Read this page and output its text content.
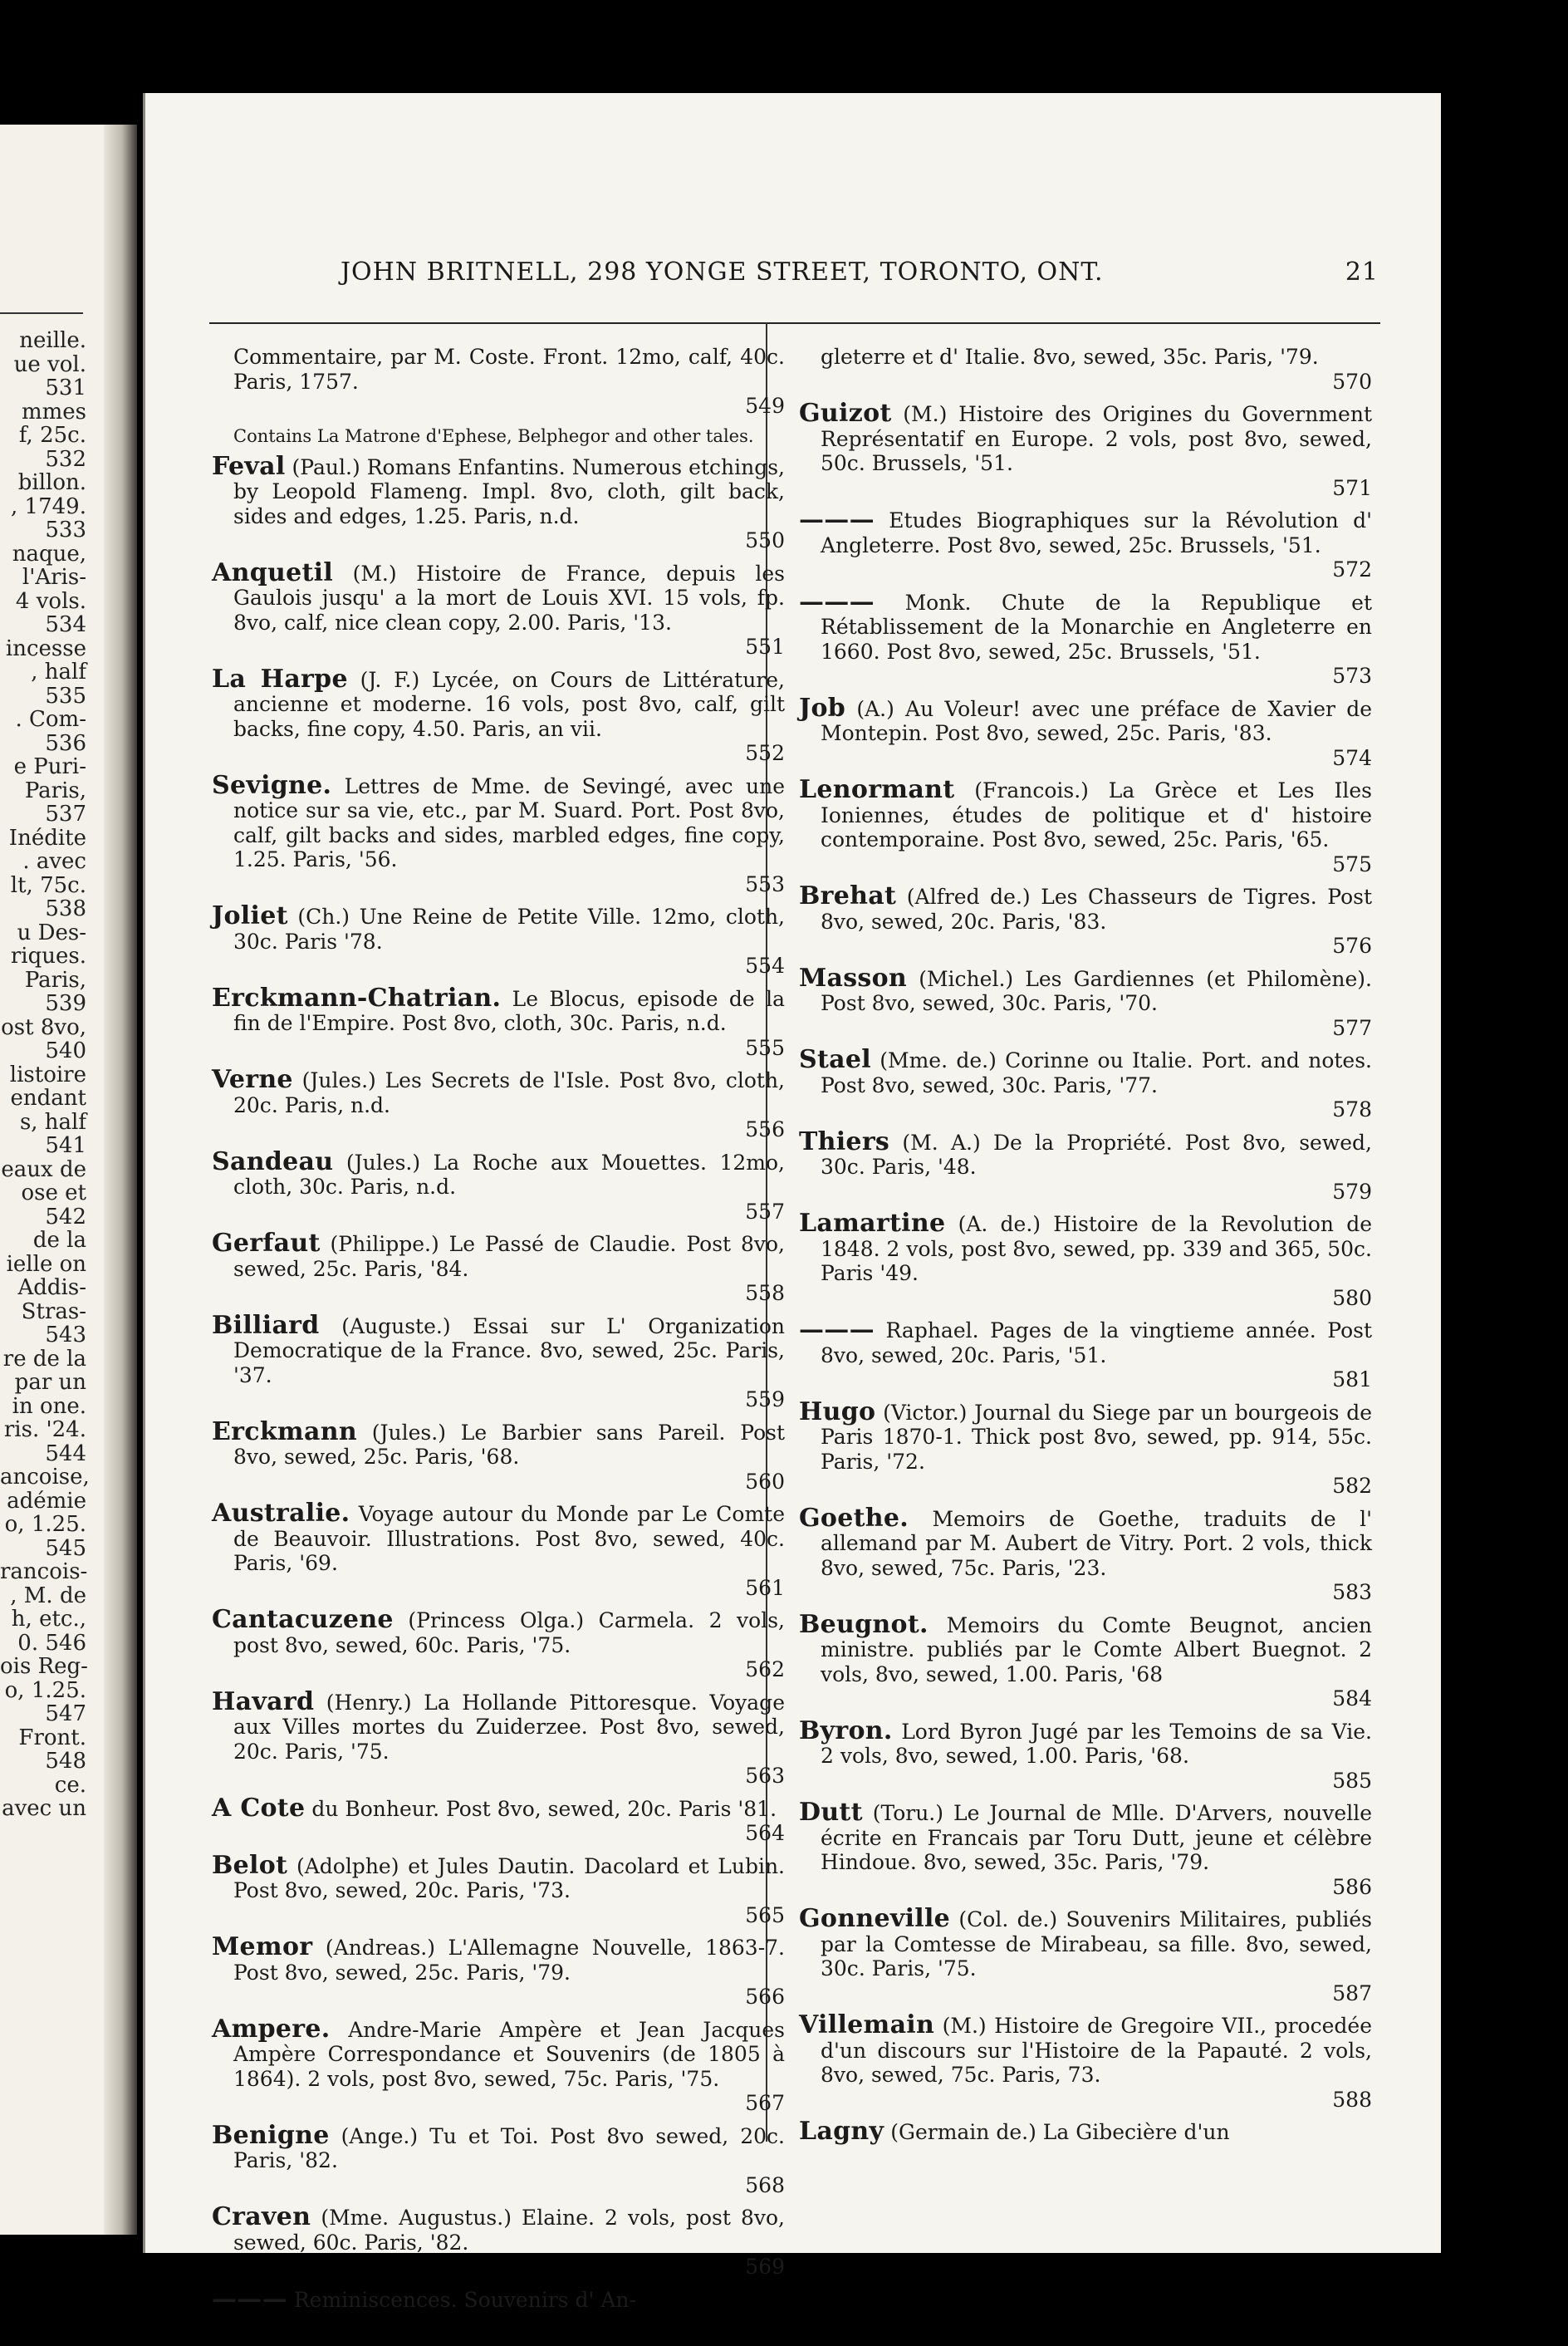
neille.
ue vol.
531
mmes
f, 25c.
532
billon.
, 1749.
533
naque,
l'Aris-
4 vols.
534
incesse
, half
535
. Com-
536
e Puri-
Paris,
537
Inédite
. avec
lt, 75c.
538
u Des-
riques.
Paris,
539
ost 8vo,
540
listoire
endant
s, half
541
eaux de
ose et
542
de la
ielle on
Addis-
Stras-
543
re de la
par un
in one.
ris. '24.
544
ancoise,
adémie
o, 1.25.
545
rancois-
, M. de
h, etc.,
0. 546
ois Reg-
o, 1.25.
547
Front.
548
ce.
avec un
JOHN BRITNELL, 298 YONGE STREET, TORONTO, ONT.	21
Commentaire, par M. Coste. Front. 12mo, calf, 40c. Paris, 1757.
549
Contains La Matrone d'Ephese, Belphegor and other tales.
Feval (Paul.) Romans Enfantins. Numerous etchings, by Leopold Flameng. Impl. 8vo, cloth, gilt back, sides and edges, 1.25. Paris, n.d.
550
Anquetil (M.) Histoire de France, depuis les Gaulois jusqu' a la mort de Louis XVI. 15 vols, fp. 8vo, calf, nice clean copy, 2.00. Paris, '13.
551
La Harpe (J. F.) Lycée, on Cours de Littérature, ancienne et moderne. 16 vols, post 8vo, calf, gilt backs, fine copy, 4.50. Paris, an vii.
552
Sevigne. Lettres de Mme. de Sevingé, avec une notice sur sa vie, etc., par M. Suard. Port. Post 8vo, calf, gilt backs and sides, marbled edges, fine copy, 1.25. Paris, '56.
553
Joliet (Ch.) Une Reine de Petite Ville. 12mo, cloth, 30c. Paris '78.
554
Erckmann-Chatrian. Le Blocus, episode de la fin de l'Empire. Post 8vo, cloth, 30c. Paris, n.d.
555
Verne (Jules.) Les Secrets de l'Isle. Post 8vo, cloth, 20c. Paris, n.d.
556
Sandeau (Jules.) La Roche aux Mouettes. 12mo, cloth, 30c. Paris, n.d.
557
Gerfaut (Philippe.) Le Passé de Claudie. Post 8vo, sewed, 25c. Paris, '84.
558
Billiard (Auguste.) Essai sur L' Organization Democratique de la France. 8vo, sewed, 25c. Paris, '37.
559
Erckmann (Jules.) Le Barbier sans Pareil. Post 8vo, sewed, 25c. Paris, '68.
560
Australie. Voyage autour du Monde par Le Comte de Beauvoir. Illustrations. Post 8vo, sewed, 40c. Paris, '69.
561
Cantacuzene (Princess Olga.) Carmela. 2 vols, post 8vo, sewed, 60c. Paris, '75.
562
Havard (Henry.) La Hollande Pittoresque. Voyage aux Villes mortes du Zuiderzee. Post 8vo, sewed, 20c. Paris, '75.
563
A Cote du Bonheur. Post 8vo, sewed, 20c. Paris '81.
564
Belot (Adolphe) et Jules Dautin. Dacolard et Lubin. Post 8vo, sewed, 20c. Paris, '73.
565
Memor (Andreas.) L'Allemagne Nouvelle, 1863-7. Post 8vo, sewed, 25c. Paris, '79.
566
Ampere. Andre-Marie Ampère et Jean Jacques Ampère Correspondance et Souvenirs (de 1805 à 1864). 2 vols, post 8vo, sewed, 75c. Paris, '75.
567
Benigne (Ange.) Tu et Toi. Post 8vo sewed, 20c. Paris, '82.
568
Craven (Mme. Augustus.) Elaine. 2 vols, post 8vo, sewed, 60c. Paris, '82.
569
——— Reminiscences. Souvenirs d' An-
gleterre et d' Italie. 8vo, sewed, 35c. Paris, '79.
570
Guizot (M.) Histoire des Origines du Government Représentatif en Europe. 2 vols, post 8vo, sewed, 50c. Brussels, '51.
571
——— Etudes Biographiques sur la Révolution d' Angleterre. Post 8vo, sewed, 25c. Brussels, '51.
572
——— Monk. Chute de la Republique et Rétablissement de la Monarchie en Angleterre en 1660. Post 8vo, sewed, 25c. Brussels, '51.
573
Job (A.) Au Voleur! avec une préface de Xavier de Montepin. Post 8vo, sewed, 25c. Paris, '83.
574
Lenormant (Francois.) La Grèce et Les Iles Ioniennes, études de politique et d' histoire contemporaine. Post 8vo, sewed, 25c. Paris, '65.
575
Brehat (Alfred de.) Les Chasseurs de Tigres. Post 8vo, sewed, 20c. Paris, '83.
576
Masson (Michel.) Les Gardiennes (et Philomène). Post 8vo, sewed, 30c. Paris, '70.
577
Stael (Mme. de.) Corinne ou Italie. Port. and notes. Post 8vo, sewed, 30c. Paris, '77.
578
Thiers (M. A.) De la Propriété. Post 8vo, sewed, 30c. Paris, '48.
579
Lamartine (A. de.) Histoire de la Revolution de 1848. 2 vols, post 8vo, sewed, pp. 339 and 365, 50c. Paris '49.
580
——— Raphael. Pages de la vingtieme année. Post 8vo, sewed, 20c. Paris, '51.
581
Hugo (Victor.) Journal du Siege par un bourgeois de Paris 1870-1. Thick post 8vo, sewed, pp. 914, 55c. Paris, '72.
582
Goethe. Memoirs de Goethe, traduits de l' allemand par M. Aubert de Vitry. Port. 2 vols, thick 8vo, sewed, 75c. Paris, '23.
583
Beugnot. Memoirs du Comte Beugnot, ancien ministre. publiés par le Comte Albert Buegnot. 2 vols, 8vo, sewed, 1.00. Paris, '68
584
Byron. Lord Byron Jugé par les Temoins de sa Vie. 2 vols, 8vo, sewed, 1.00. Paris, '68.
585
Dutt (Toru.) Le Journal de Mlle. D'Arvers, nouvelle écrite en Francais par Toru Dutt, jeune et célèbre Hindoue. 8vo, sewed, 35c. Paris, '79.
586
Gonneville (Col. de.) Souvenirs Militaires, publiés par la Comtesse de Mirabeau, sa fille. 8vo, sewed, 30c. Paris, '75.
587
Villemain (M.) Histoire de Gregoire VII., procedée d'un discours sur l'Histoire de la Papauté. 2 vols, 8vo, sewed, 75c. Paris, 73.
588
Lagny (Germain de.) La Gibecière d'un
